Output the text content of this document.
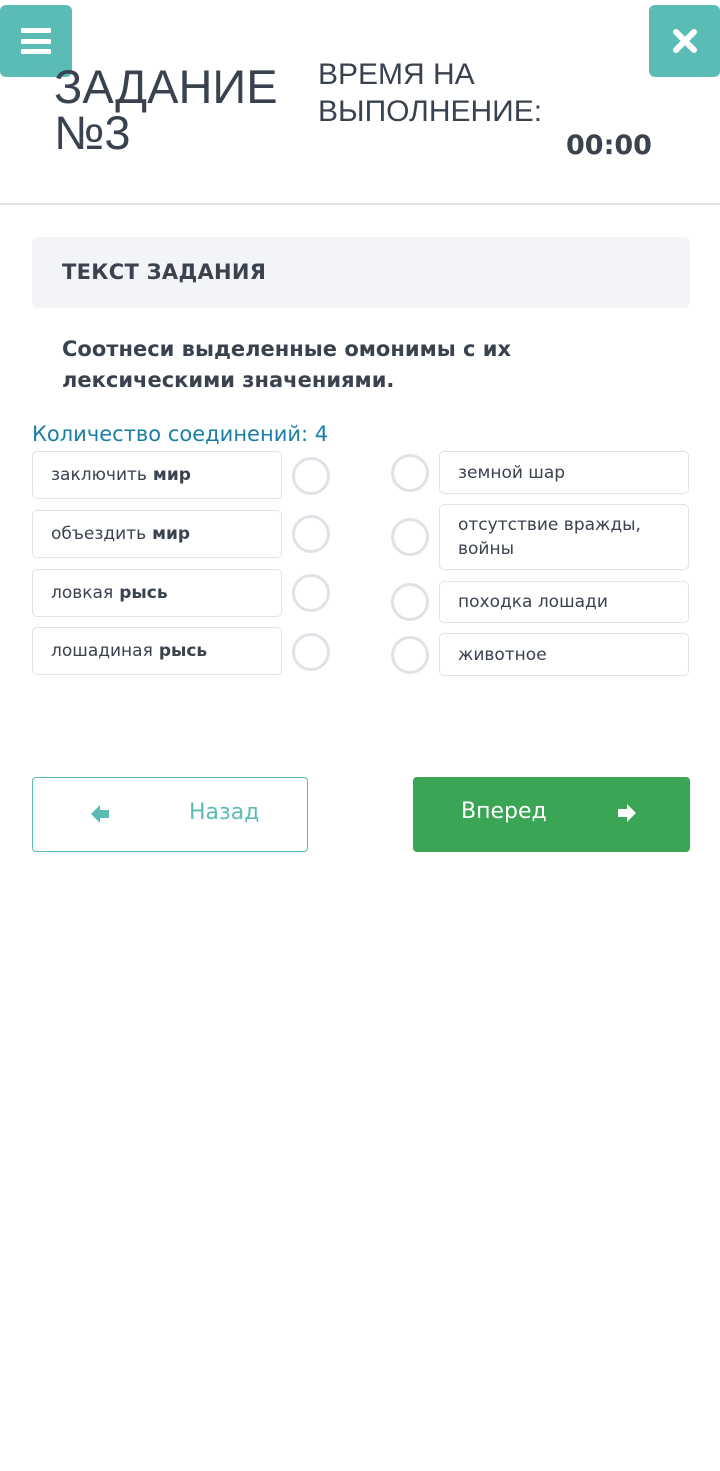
ЗАДАНИЕ №3
ВРЕМЯ НА ВЫПОЛНЕНИЕ:
00:00
ТЕКСТ ЗАДАНИЯ
Соотнеси выделенные омонимы с их лексическими значениями.
Количество соединений: 4
заключить мир
объездить мир
ловкая рысь
лошадиная рысь
земной шар
отсутствие вражды, войны
походка лошади
животное
Назад	Вперед
